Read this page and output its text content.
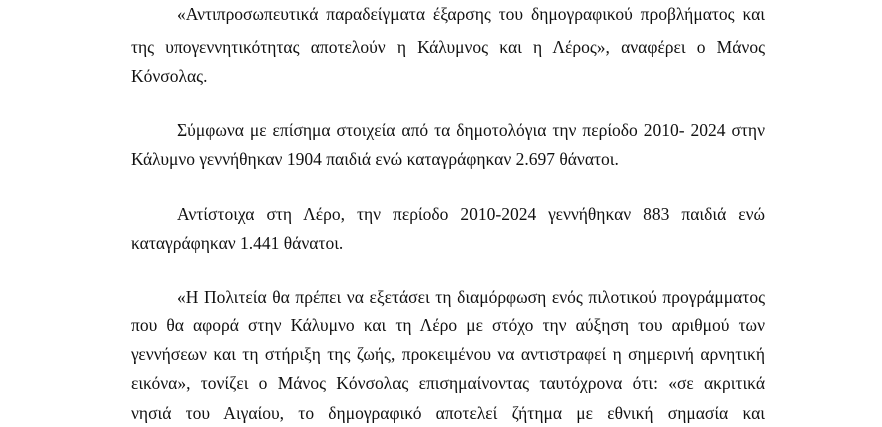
«Αντιπροσωπευτικά παραδείγματα έξαρσης του δημογραφικού προβλήματος και
της υπογεννητικότητας αποτελούν η Κάλυμνος και η Λέρος», αναφέρει ο Μάνος
Κόνσολας.
Σύμφωνα με επίσημα στοιχεία από τα δημοτολόγια την περίοδο 2010- 2024 στην
Κάλυμνο γεννήθηκαν 1904 παιδιά ενώ καταγράφηκαν 2.697 θάνατοι.
Αντίστοιχα στη Λέρο, την περίοδο 2010-2024 γεννήθηκαν 883 παιδιά ενώ
καταγράφηκαν 1.441 θάνατοι.
«Η Πολιτεία θα πρέπει να εξετάσει τη διαμόρφωση ενός πιλοτικού προγράμματος
που θα αφορά στην Κάλυμνο και τη Λέρο με στόχο την αύξηση του αριθμού των
γεννήσεων και τη στήριξη της ζωής, προκειμένου να αντιστραφεί η σημερινή αρνητική
εικόνα», τονίζει ο Μάνος Κόνσολας επισημαίνοντας ταυτόχρονα ότι: «σε ακριτικά
νησιά του Αιγαίου, το δημογραφικό αποτελεί ζήτημα με εθνική σημασία και
